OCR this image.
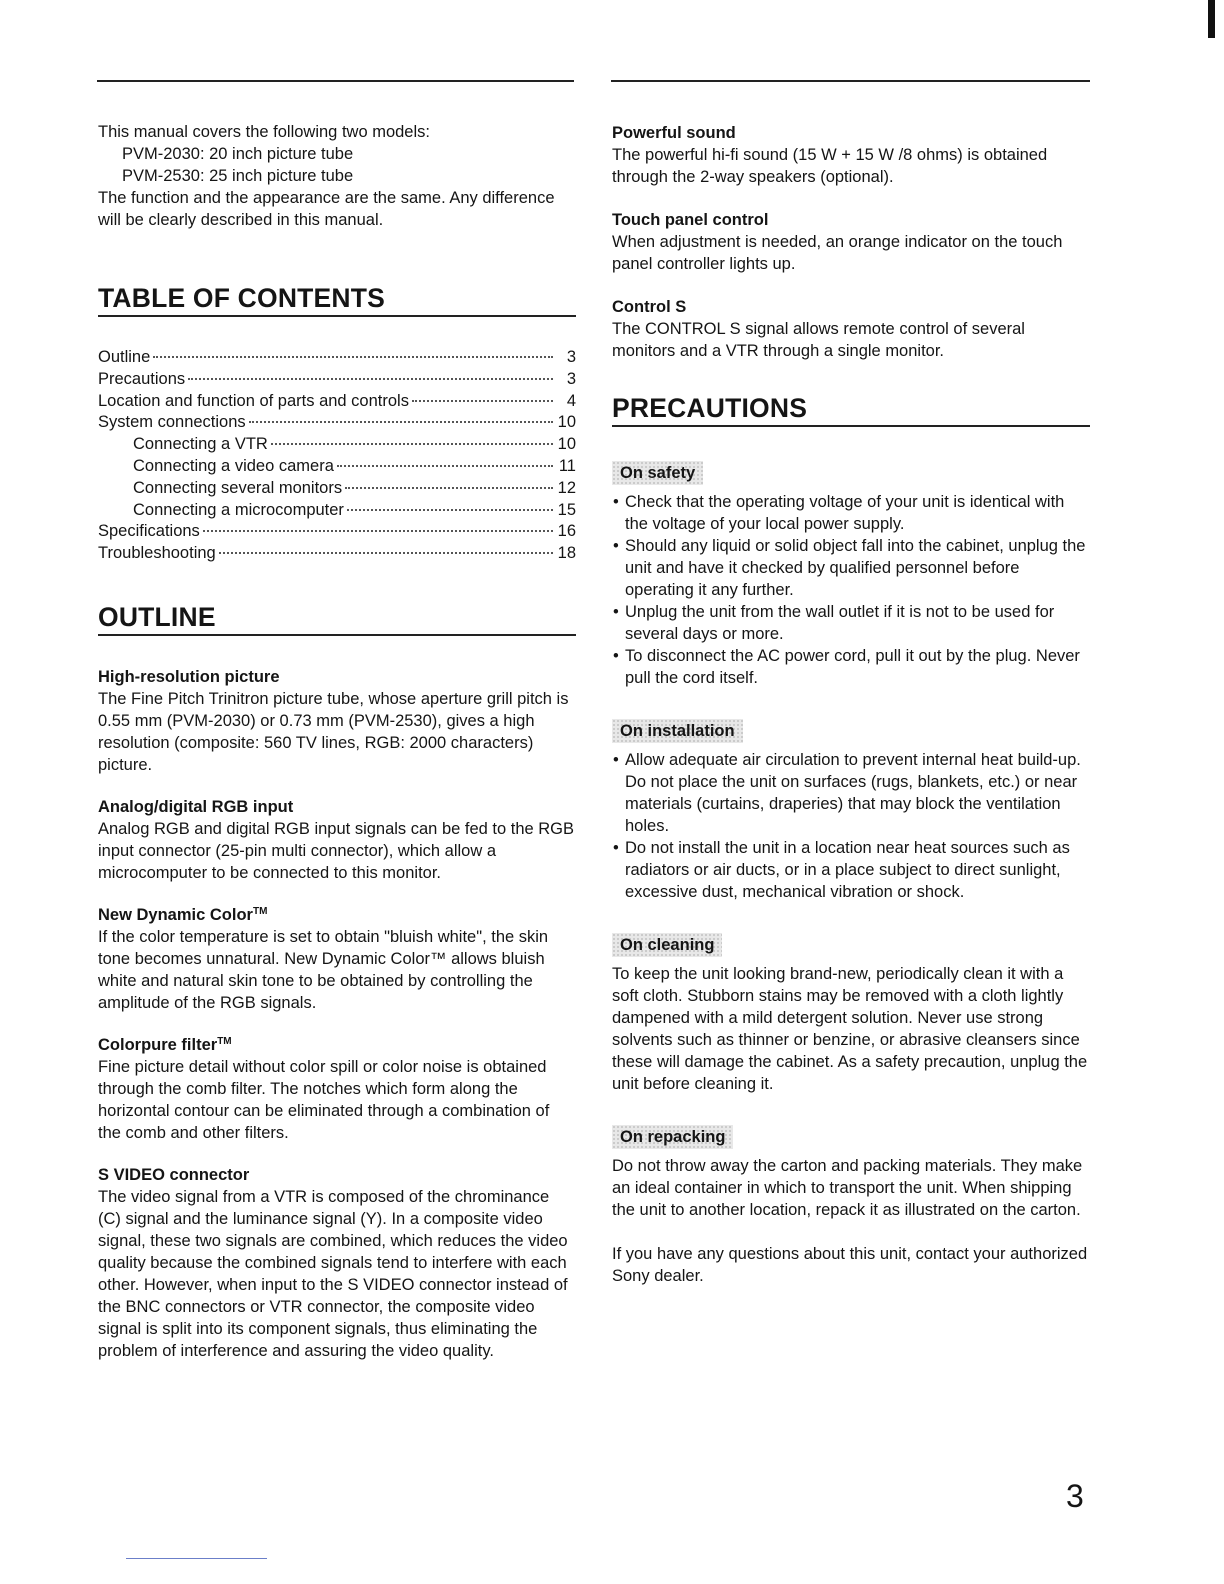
This manual covers the following two models:

PVM-2030: 20 inch picture tube

PVM-2530: 25 inch picture tube

The function and the appearance are the same. Any difference will be clearly described in this manual.

TABLE OF CONTENTS
Outline	3
Precautions	3
Location and function of parts and controls	4
System connections	10
Connecting a VTR	10
Connecting a video camera	11
Connecting several monitors	12
Connecting a microcomputer	15
Specifications	16
Troubleshooting	18
OUTLINE
High-resolution picture

The Fine Pitch Trinitron picture tube, whose aperture grill pitch is 0.55 mm (PVM-2030) or 0.73 mm (PVM-2530), gives a high resolution (composite: 560 TV lines, RGB: 2000 characters) picture.

Analog/digital RGB input

Analog RGB and digital RGB input signals can be fed to the RGB input connector (25-pin multi connector), which allow a microcomputer to be connected to this monitor.

New Dynamic Color™

If the color temperature is set to obtain "bluish white", the skin tone becomes unnatural. New Dynamic Color™ allows bluish white and natural skin tone to be obtained by controlling the amplitude of the RGB signals.

Colorpure filter™

Fine picture detail without color spill or color noise is obtained through the comb filter. The notches which form along the horizontal contour can be eliminated through a combination of the comb and other filters.

S VIDEO connector

The video signal from a VTR is composed of the chrominance (C) signal and the luminance signal (Y). In a composite video signal, these two signals are combined, which reduces the video quality because the combined signals tend to interfere with each other. However, when input to the S VIDEO connector instead of the BNC connectors or VTR connector, the composite video signal is split into its component signals, thus eliminating the problem of interference and assuring the video quality.

Powerful sound

The powerful hi-fi sound (15 W + 15 W /8 ohms) is obtained through the 2-way speakers (optional).

Touch panel control

When adjustment is needed, an orange indicator on the touch panel controller lights up.

Control S

The CONTROL S signal allows remote control of several monitors and a VTR through a single monitor.

PRECAUTIONS
On safety
• Check that the operating voltage of your unit is identical with the voltage of your local power supply.
• Should any liquid or solid object fall into the cabinet, unplug the unit and have it checked by qualified personnel before operating it any further.
• Unplug the unit from the wall outlet if it is not to be used for several days or more.
• To disconnect the AC power cord, pull it out by the plug. Never pull the cord itself.
On installation
• Allow adequate air circulation to prevent internal heat build-up.
Do not place the unit on surfaces (rugs, blankets, etc.) or near materials (curtains, draperies) that may block the ventilation holes.
• Do not install the unit in a location near heat sources such as radiators or air ducts, or in a place subject to direct sunlight, excessive dust, mechanical vibration or shock.
On cleaning

To keep the unit looking brand-new, periodically clean it with a soft cloth. Stubborn stains may be removed with a cloth lightly dampened with a mild detergent solution. Never use strong solvents such as thinner or benzine, or abrasive cleansers since these will damage the cabinet. As a safety precaution, unplug the unit before cleaning it.

On repacking

Do not throw away the carton and packing materials. They make an ideal container in which to transport the unit. When shipping the unit to another location, repack it as illustrated on the carton.

If you have any questions about this unit, contact your authorized Sony dealer.

3
